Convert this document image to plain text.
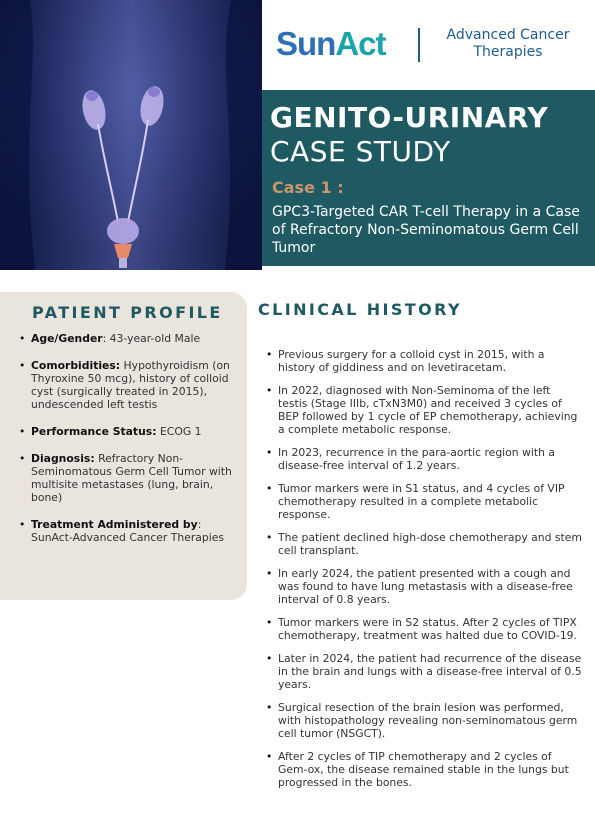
SunAct	Advanced Cancer
Therapies
GENITO-URINARY
CASE STUDY
Case 1 :
GPC3-Targeted CAR T-cell Therapy in a Case of Refractory Non-Seminomatous Germ Cell Tumor
PATIENT PROFILE
• Age/Gender: 43-year-old Male
• Comorbidities: Hypothyroidism (on Thyroxine 50 mcg), history of colloid cyst (surgically treated in 2015), undescended left testis
• Performance Status: ECOG 1
• Diagnosis: Refractory Non-Seminomatous Germ Cell Tumor with multisite metastases (lung, brain, bone)
• Treatment Administered by: SunAct-Advanced Cancer Therapies
CLINICAL HISTORY
• Previous surgery for a colloid cyst in 2015, with a history of giddiness and on levetiracetam.
• In 2022, diagnosed with Non-Seminoma of the left testis (Stage IIIb, cTxN3M0) and received 3 cycles of BEP followed by 1 cycle of EP chemotherapy, achieving a complete metabolic response.
• In 2023, recurrence in the para-aortic region with a disease-free interval of 1.2 years.
• Tumor markers were in S1 status, and 4 cycles of VIP chemotherapy resulted in a complete metabolic response.
• The patient declined high-dose chemotherapy and stem cell transplant.
• In early 2024, the patient presented with a cough and was found to have lung metastasis with a disease-free interval of 0.8 years.
• Tumor markers were in S2 status. After 2 cycles of TIPX chemotherapy, treatment was halted due to COVID-19.
• Later in 2024, the patient had recurrence of the disease in the brain and lungs with a disease-free interval of 0.5 years.
• Surgical resection of the brain lesion was performed, with histopathology revealing non-seminomatous germ cell tumor (NSGCT).
• After 2 cycles of TIP chemotherapy and 2 cycles of Gem-ox, the disease remained stable in the lungs but progressed in the bones.
